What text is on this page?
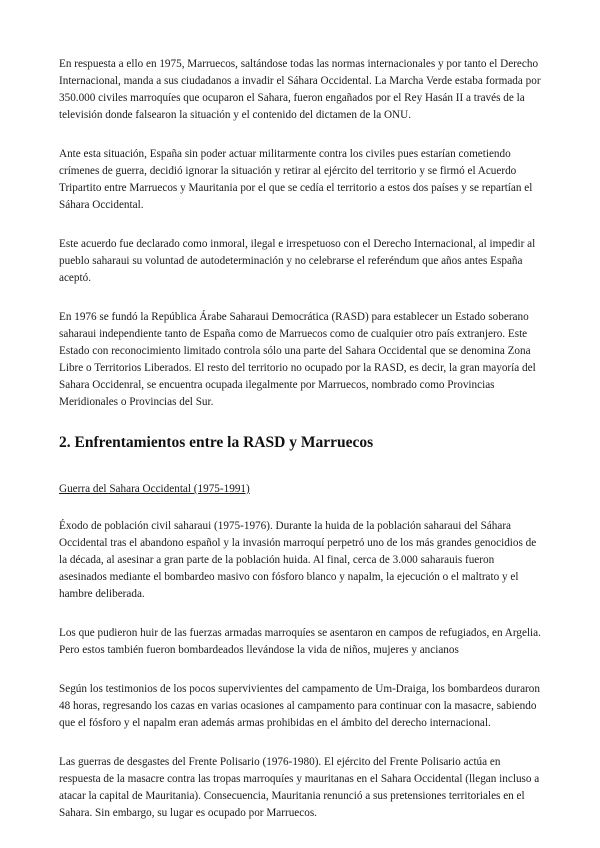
En respuesta a ello en 1975, Marruecos, saltándose todas las normas internacionales y por tanto el Derecho Internacional, manda a sus ciudadanos a invadir el Sáhara Occidental. La Marcha Verde estaba formada por 350.000 civiles marroquíes que ocuparon el Sahara, fueron engañados por el Rey Hasán II a través de la televisión donde falsearon la situación y el contenido del dictamen de la ONU.

Ante esta situación, España sin poder actuar militarmente contra los civiles pues estarían cometiendo crímenes de guerra, decidió ignorar la situación y retirar al ejército del territorio y se firmó el Acuerdo Tripartito entre Marruecos y Mauritania por el que se cedía el territorio a estos dos países y se repartían el Sáhara Occidental.

Este acuerdo fue declarado como inmoral, ilegal e irrespetuoso con el Derecho Internacional, al impedir al pueblo saharaui su voluntad de autodeterminación y no celebrarse el referéndum que años antes España aceptó.

En 1976 se fundó la República Árabe Saharaui Democrática (RASD) para establecer un Estado soberano saharaui independiente tanto de España como de Marruecos como de cualquier otro país extranjero. Este Estado con reconocimiento limitado controla sólo una parte del Sahara Occidental que se denomina Zona Libre o Territorios Liberados. El resto del territorio no ocupado por la RASD, es decir, la gran mayoría del Sahara Occidenral, se encuentra ocupada ilegalmente por Marruecos, nombrado como Provincias Meridionales o Provincias del Sur.

2. Enfrentamientos entre la RASD y Marruecos

Guerra del Sahara Occidental (1975-1991)

Éxodo de población civil saharaui (1975-1976). Durante la huida de la población saharaui del Sáhara Occidental tras el abandono español y la invasión marroquí perpetró uno de los más grandes genocidios de la década, al asesinar a gran parte de la población huida. Al final, cerca de 3.000 saharauis fueron asesinados mediante el bombardeo masivo con fósforo blanco y napalm, la ejecución o el maltrato y el hambre deliberada.

Los que pudieron huir de las fuerzas armadas marroquíes se asentaron en campos de refugiados, en Argelia. Pero estos también fueron bombardeados llevándose la vida de niños, mujeres y ancianos

Según los testimonios de los pocos supervivientes del campamento de Um-Draiga, los bombardeos duraron 48 horas, regresando los cazas en varias ocasiones al campamento para continuar con la masacre, sabiendo que el fósforo y el napalm eran además armas prohibidas en el ámbito del derecho internacional.

Las guerras de desgastes del Frente Polisario (1976-1980). El ejército del Frente Polisario actúa en respuesta de la masacre contra las tropas marroquíes y mauritanas en el Sahara Occidental (llegan incluso a atacar la capital de Mauritania). Consecuencia, Mauritania renunció a sus pretensiones territoriales en el Sahara. Sin embargo, su lugar es ocupado por Marruecos.
